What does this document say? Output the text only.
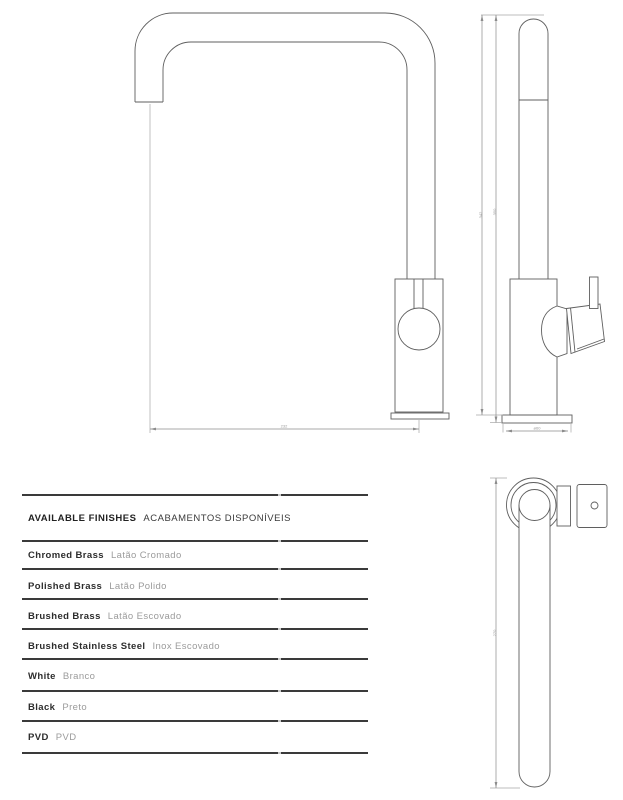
232
342 350
ø60
270
AVAILABLE FINISHES ACABAMENTOS DISPONÍVEIS
Chromed Brass Latão Cromado
Polished Brass Latão Polido
Brushed Brass Latão Escovado
Brushed Stainless Steel Inox Escovado
White Branco
Black Preto
PVD PVD
